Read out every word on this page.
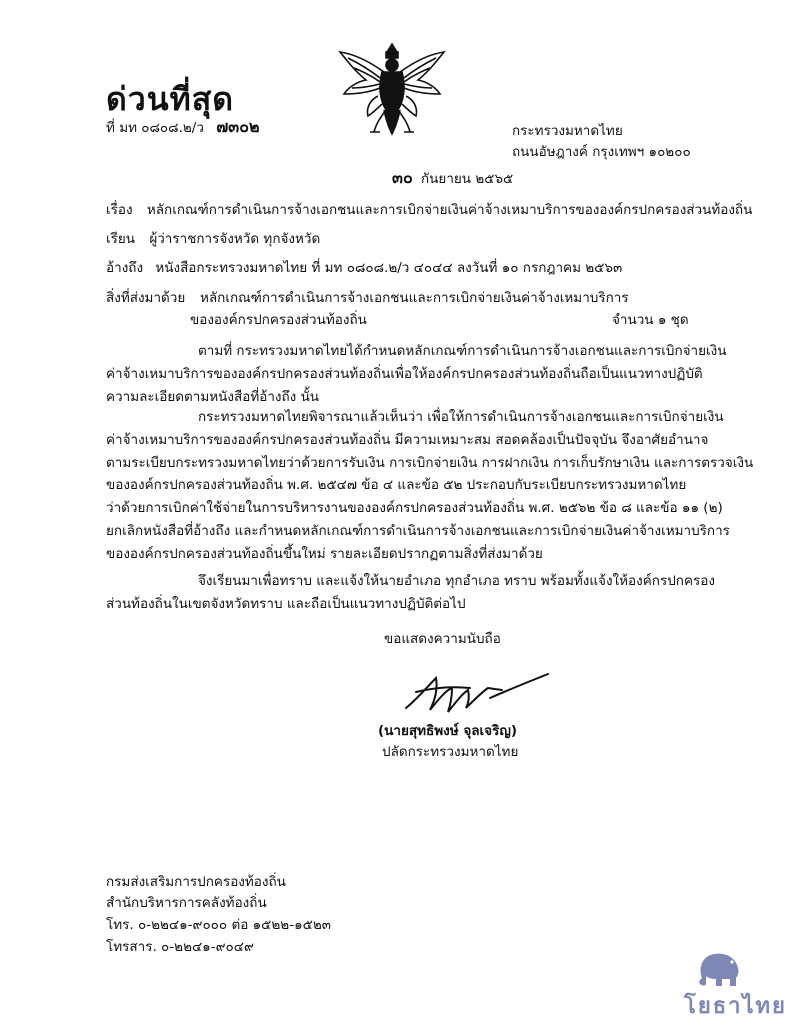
ด่วนที่สุด
ที่ มท ๐๘๐๘.๒/ว ๗๓๐๒	กระทรวงมหาดไทย
ถนนอัษฎางค์ กรุงเทพฯ ๑๐๒๐๐
๓๐ กันยายน ๒๕๖๕
เรื่อง หลักเกณฑ์การดำเนินการจ้างเอกชนและการเบิกจ่ายเงินค่าจ้างเหมาบริการขององค์กรปกครองส่วนท้องถิ่น
เรียน ผู้ว่าราชการจังหวัด ทุกจังหวัด
อ้างถึง หนังสือกระทรวงมหาดไทย ที่ มท ๐๘๐๘.๒/ว ๔๐๔๔ ลงวันที่ ๑๐ กรกฎาคม ๒๕๖๓
สิ่งที่ส่งมาด้วย หลักเกณฑ์การดำเนินการจ้างเอกชนและการเบิกจ่ายเงินค่าจ้างเหมาบริการ
ขององค์กรปกครองส่วนท้องถิ่น	จำนวน ๑ ชุด
ตามที่ กระทรวงมหาดไทยได้กำหนดหลักเกณฑ์การดำเนินการจ้างเอกชนและการเบิกจ่ายเงิน
ค่าจ้างเหมาบริการขององค์กรปกครองส่วนท้องถิ่นเพื่อให้องค์กรปกครองส่วนท้องถิ่นถือเป็นแนวทางปฏิบัติ
ความละเอียดตามหนังสือที่อ้างถึง นั้น
กระทรวงมหาดไทยพิจารณาแล้วเห็นว่า เพื่อให้การดำเนินการจ้างเอกชนและการเบิกจ่ายเงิน
ค่าจ้างเหมาบริการขององค์กรปกครองส่วนท้องถิ่น มีความเหมาะสม สอดคล้องเป็นปัจจุบัน จึงอาศัยอำนาจ
ตามระเบียบกระทรวงมหาดไทยว่าด้วยการรับเงิน การเบิกจ่ายเงิน การฝากเงิน การเก็บรักษาเงิน และการตรวจเงิน
ขององค์กรปกครองส่วนท้องถิ่น พ.ศ. ๒๕๔๗ ข้อ ๔ และข้อ ๕๒ ประกอบกับระเบียบกระทรวงมหาดไทย
ว่าด้วยการเบิกค่าใช้จ่ายในการบริหารงานขององค์กรปกครองส่วนท้องถิ่น พ.ศ. ๒๕๖๒ ข้อ ๘ และข้อ ๑๑ (๒)
ยกเลิกหนังสือที่อ้างถึง และกำหนดหลักเกณฑ์การดำเนินการจ้างเอกชนและการเบิกจ่ายเงินค่าจ้างเหมาบริการ
ขององค์กรปกครองส่วนท้องถิ่นขึ้นใหม่ รายละเอียดปรากฏตามสิ่งที่ส่งมาด้วย
จึงเรียนมาเพื่อทราบ และแจ้งให้นายอำเภอ ทุกอำเภอ ทราบ พร้อมทั้งแจ้งให้องค์กรปกครอง
ส่วนท้องถิ่นในเขตจังหวัดทราบ และถือเป็นแนวทางปฏิบัติต่อไป
ขอแสดงความนับถือ
(นายสุทธิพงษ์ จุลเจริญ)
ปลัดกระทรวงมหาดไทย
กรมส่งเสริมการปกครองท้องถิ่น
สำนักบริหารการคลังท้องถิ่น
โทร. ๐-๒๒๔๑-๙๐๐๐ ต่อ ๑๕๒๒-๑๕๒๓
โทรสาร. ๐-๒๒๔๑-๙๐๔๙
โยธาไทย
